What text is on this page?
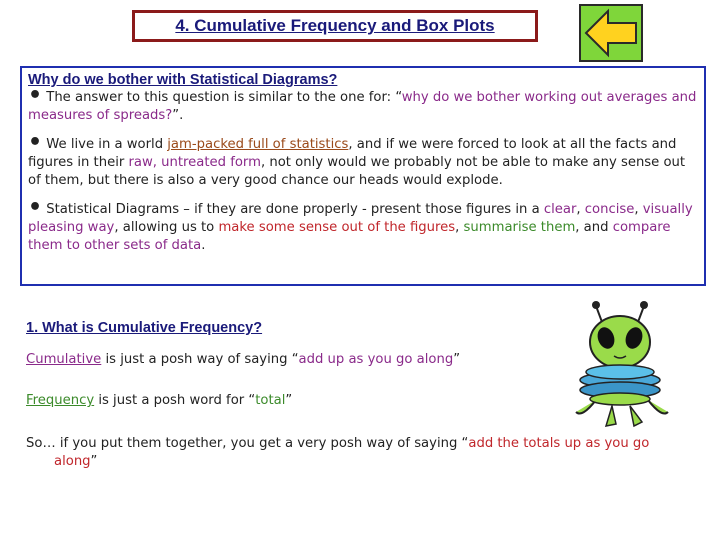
4. Cumulative Frequency and Box Plots
Why do we bother with Statistical Diagrams?

• The answer to this question is similar to the one for: “why do we bother working out averages and measures of spreads?”.

• We live in a world jam-packed full of statistics, and if we were forced to look at all the facts and figures in their raw, untreated form, not only would we probably not be able to make any sense out of them, but there is also a very good chance our heads would explode.

• Statistical Diagrams – if they are done properly - present those figures in a clear, concise, visually pleasing way, allowing us to make some sense out of the figures, summarise them, and compare them to other sets of data.

1. What is Cumulative Frequency?
Cumulative is just a posh way of saying “add up as you go along”
Frequency is just a posh word for “total”
So… if you put them together, you get a very posh way of saying “add the totals up as you go along”
